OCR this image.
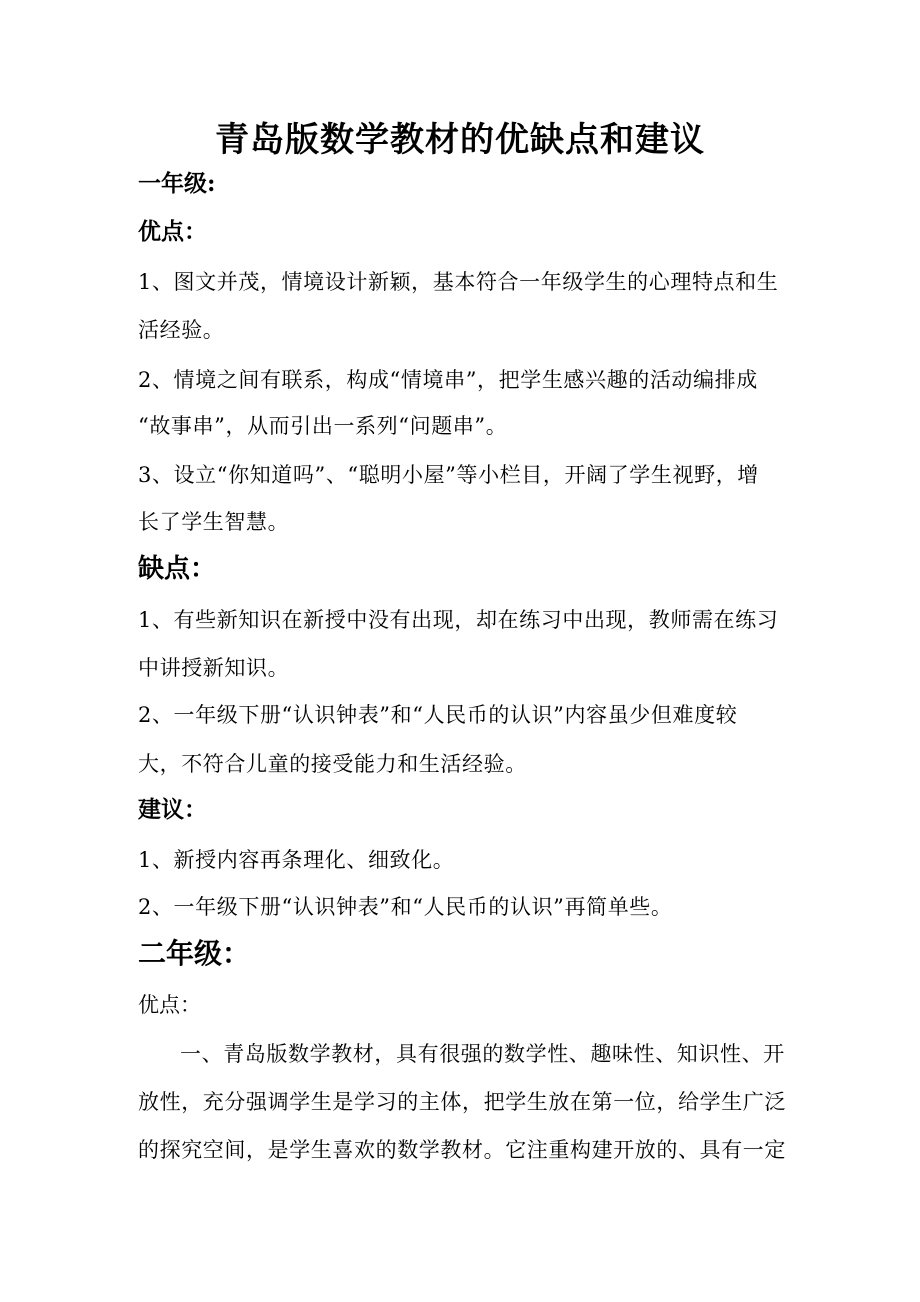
青岛版数学教材的优缺点和建议
一年级:
优点：
1、图文并茂，情境设计新颖，基本符合一年级学生的心理特点和生
活经验。
2、情境之间有联系，构成“情境串”，把学生感兴趣的活动编排成
“故事串”，从而引出一系列“问题串”。
3、设立“你知道吗”、“聪明小屋”等小栏目，开阔了学生视野，增
长了学生智慧。
缺点：
1、有些新知识在新授中没有出现，却在练习中出现，教师需在练习
中讲授新知识。
2、一年级下册“认识钟表”和“人民币的认识”内容虽少但难度较
大，不符合儿童的接受能力和生活经验。
建议：
1、新授内容再条理化、细致化。
2、一年级下册“认识钟表”和“人民币的认识”再简单些。
二年级：
优点：
一、青岛版数学教材，具有很强的数学性、趣味性、知识性、开
放性，充分强调学生是学习的主体，把学生放在第一位，给学生广泛
的探究空间，是学生喜欢的数学教材。它注重构建开放的、具有一定
